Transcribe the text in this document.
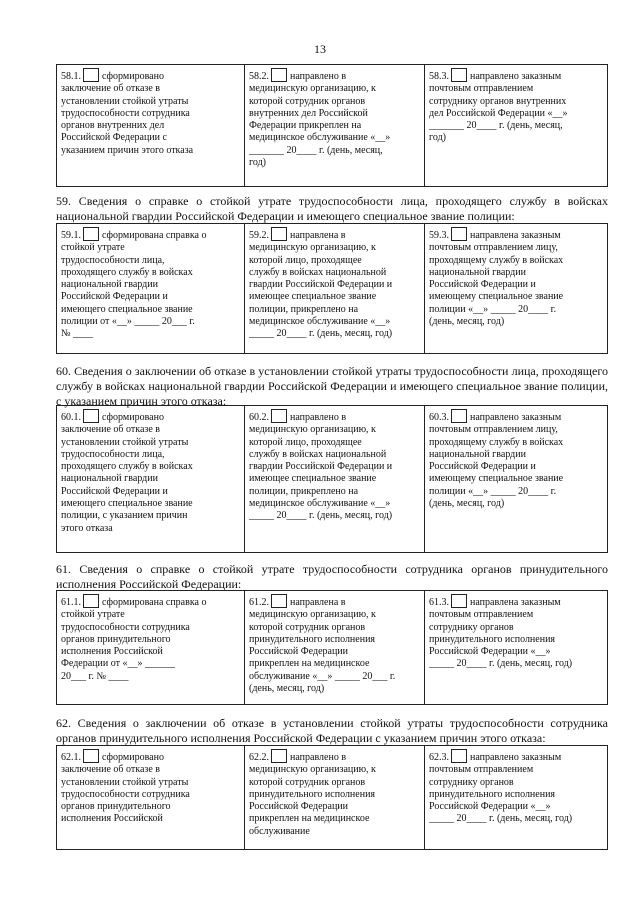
13
58.1. сформировано
заключение об отказе в
установлении стойкой утраты
трудоспособности сотрудника
органов внутренних дел
Российской Федерации с
указанием причин этого отказа
58.2. направлено в
медицинскую организацию, к
которой сотрудник органов
внутренних дел Российской
Федерации прикреплен на
медицинское обслуживание «__»
_______ 20____ г. (день, месяц,
год)
58.3. направлено заказным
почтовым отправлением
сотруднику органов внутренних
дел Российской Федерации «__»
_______ 20____ г. (день, месяц,
год)
59. Сведения о справке о стойкой утрате трудоспособности лица, проходящего службу в войсках национальной гвардии Российской Федерации и имеющего специальное звание полиции:
59.1. сформирована справка о
стойкой утрате
трудоспособности лица,
проходящего службу в войсках
национальной гвардии
Российской Федерации и
имеющего специальное звание
полиции от «__» _____ 20___ г.
№ ____
59.2. направлена в
медицинскую организацию, к
которой лицо, проходящее
службу в войсках национальной
гвардии Российской Федерации и
имеющее специальное звание
полиции, прикреплено на
медицинское обслуживание «__»
_____ 20____ г. (день, месяц, год)
59.3. направлена заказным
почтовым отправлением лицу,
проходящему службу в войсках
национальной гвардии
Российской Федерации и
имеющему специальное звание
полиции «__» _____ 20____ г.
(день, месяц, год)
60. Сведения о заключении об отказе в установлении стойкой утраты трудоспособности лица, проходящего службу в войсках национальной гвардии Российской Федерации и имеющего специальное звание полиции, с указанием причин этого отказа:
60.1. сформировано
заключение об отказе в
установлении стойкой утраты
трудоспособности лица,
проходящего службу в войсках
национальной гвардии
Российской Федерации и
имеющего специальное звание
полиции, с указанием причин
этого отказа
60.2. направлено в
медицинскую организацию, к
которой лицо, проходящее
службу в войсках национальной
гвардии Российской Федерации и
имеющее специальное звание
полиции, прикреплено на
медицинское обслуживание «__»
_____ 20____ г. (день, месяц, год)
60.3. направлено заказным
почтовым отправлением лицу,
проходящему службу в войсках
национальной гвардии
Российской Федерации и
имеющему специальное звание
полиции «__» _____ 20____ г.
(день, месяц, год)
61. Сведения о справке о стойкой утрате трудоспособности сотрудника органов принудительного исполнения Российской Федерации:
61.1. сформирована справка о
стойкой утрате
трудоспособности сотрудника
органов принудительного
исполнения Российской
Федерации от «__» ______
20___ г. № ____
61.2. направлена в
медицинскую организацию, к
которой сотрудник органов
принудительного исполнения
Российской Федерации
прикреплен на медицинское
обслуживание «__» _____ 20___ г.
(день, месяц, год)
61.3. направлена заказным
почтовым отправлением
сотруднику органов
принудительного исполнения
Российской Федерации «__»
_____ 20____ г. (день, месяц, год)
62. Сведения о заключении об отказе в установлении стойкой утраты трудоспособности сотрудника органов принудительного исполнения Российской Федерации с указанием причин этого отказа:
62.1. сформировано
заключение об отказе в
установлении стойкой утраты
трудоспособности сотрудника
органов принудительного
исполнения Российской
62.2. направлено в
медицинскую организацию, к
которой сотрудник органов
принудительного исполнения
Российской Федерации
прикреплен на медицинское
обслуживание
62.3. направлено заказным
почтовым отправлением
сотруднику органов
принудительного исполнения
Российской Федерации «__»
_____ 20____ г. (день, месяц, год)
